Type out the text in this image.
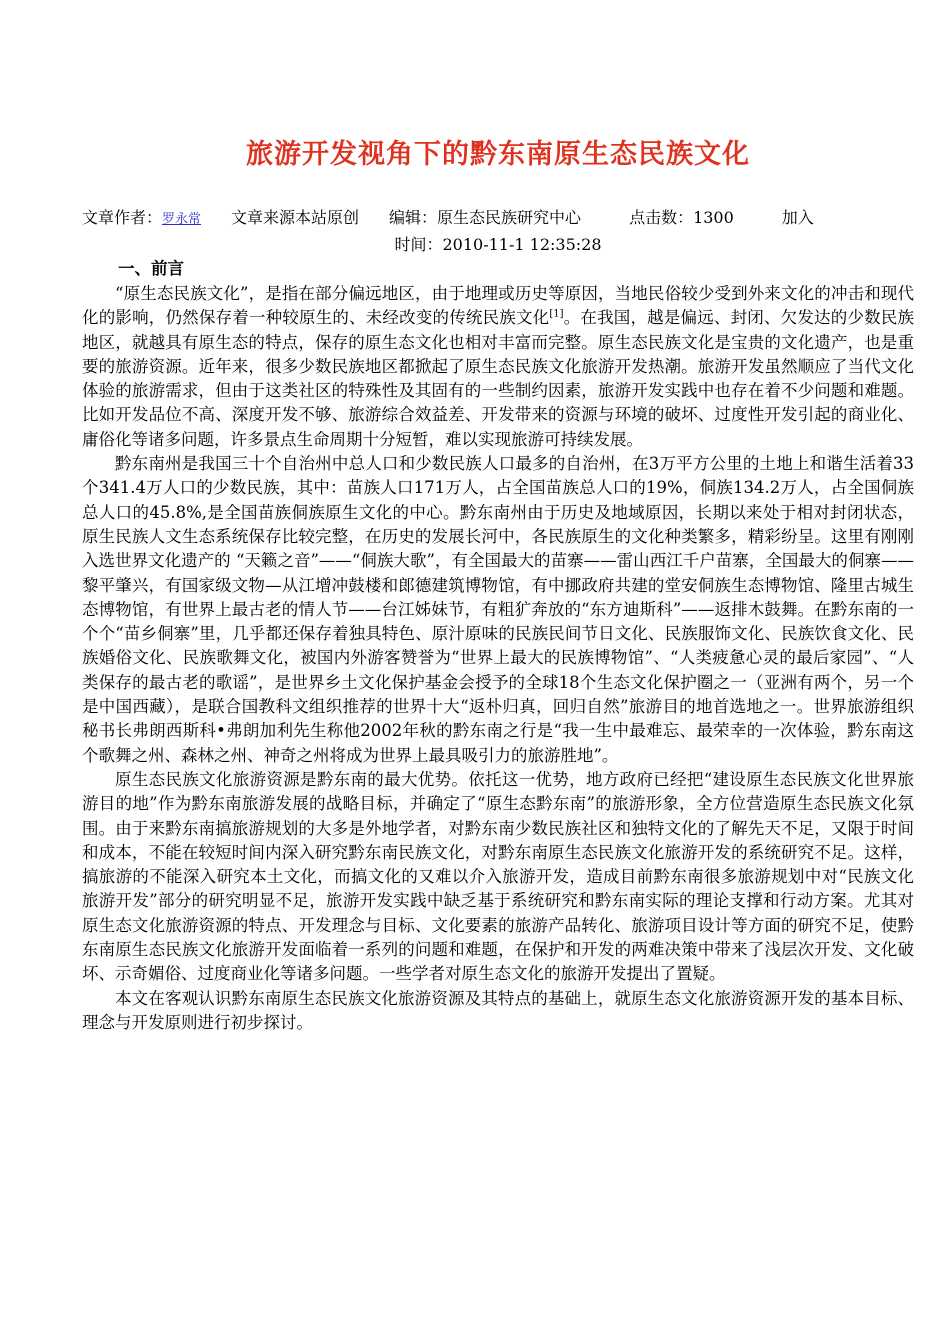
旅游开发视角下的黔东南原生态民族文化
文章作者：罗永常 文章来源本站原创 编辑：原生态民族研究中心	点击数：1300	加入
时间：2010-11-1 12:35:28

一、前言

“原生态民族文化”，是指在部分偏远地区，由于地理或历史等原因，当地民俗较少受到外来文化的冲击和现代化的影响，仍然保存着一种较原生的、未经改变的传统民族文化[1]。在我国，越是偏远、封闭、欠发达的少数民族地区，就越具有原生态的特点，保存的原生态文化也相对丰富而完整。原生态民族文化是宝贵的文化遗产，也是重要的旅游资源。近年来，很多少数民族地区都掀起了原生态民族文化旅游开发热潮。旅游开发虽然顺应了当代文化体验的旅游需求，但由于这类社区的特殊性及其固有的一些制约因素，旅游开发实践中也存在着不少问题和难题。比如开发品位不高、深度开发不够、旅游综合效益差、开发带来的资源与环境的破坏、过度性开发引起的商业化、庸俗化等诸多问题，许多景点生命周期十分短暂，难以实现旅游可持续发展。

黔东南州是我国三十个自治州中总人口和少数民族人口最多的自治州，在3万平方公里的土地上和谐生活着33个341.4万人口的少数民族，其中：苗族人口171万人，占全国苗族总人口的19%，侗族134.2万人，占全国侗族总人口的45.8%,是全国苗族侗族原生文化的中心。黔东南州由于历史及地域原因，长期以来处于相对封闭状态，原生民族人文生态系统保存比较完整，在历史的发展长河中，各民族原生的文化种类繁多，精彩纷呈。这里有刚刚入选世界文化遗产的 “天籁之音”——“侗族大歌”，有全国最大的苗寨——雷山西江千户苗寨，全国最大的侗寨——黎平肇兴，有国家级文物—从江增冲鼓楼和郎德建筑博物馆，有中挪政府共建的堂安侗族生态博物馆、隆里古城生态博物馆，有世界上最古老的情人节——台江姊妹节，有粗犷奔放的“东方迪斯科”——返排木鼓舞。在黔东南的一个个“苗乡侗寨”里，几乎都还保存着独具特色、原汁原味的民族民间节日文化、民族服饰文化、民族饮食文化、民族婚俗文化、民族歌舞文化，被国内外游客赞誉为“世界上最大的民族博物馆”、“人类疲惫心灵的最后家园”、“人类保存的最古老的歌谣”，是世界乡土文化保护基金会授予的全球18个生态文化保护圈之一（亚洲有两个，另一个是中国西藏），是联合国教科文组织推荐的世界十大“返朴归真，回归自然”旅游目的地首选地之一。世界旅游组织秘书长弗朗西斯科•弗朗加利先生称他2002年秋的黔东南之行是“我一生中最难忘、最荣幸的一次体验，黔东南这个歌舞之州、森林之州、神奇之州将成为世界上最具吸引力的旅游胜地”。

原生态民族文化旅游资源是黔东南的最大优势。依托这一优势，地方政府已经把“建设原生态民族文化世界旅游目的地”作为黔东南旅游发展的战略目标，并确定了“原生态黔东南”的旅游形象，全方位营造原生态民族文化氛围。由于来黔东南搞旅游规划的大多是外地学者，对黔东南少数民族社区和独特文化的了解先天不足，又限于时间和成本，不能在较短时间内深入研究黔东南民族文化，对黔东南原生态民族文化旅游开发的系统研究不足。这样，搞旅游的不能深入研究本土文化，而搞文化的又难以介入旅游开发，造成目前黔东南很多旅游规划中对“民族文化旅游开发”部分的研究明显不足，旅游开发实践中缺乏基于系统研究和黔东南实际的理论支撑和行动方案。尤其对原生态文化旅游资源的特点、开发理念与目标、文化要素的旅游产品转化、旅游项目设计等方面的研究不足，使黔东南原生态民族文化旅游开发面临着一系列的问题和难题，在保护和开发的两难决策中带来了浅层次开发、文化破坏、示奇媚俗、过度商业化等诸多问题。一些学者对原生态文化的旅游开发提出了置疑。

本文在客观认识黔东南原生态民族文化旅游资源及其特点的基础上，就原生态文化旅游资源开发的基本目标、理念与开发原则进行初步探讨。
